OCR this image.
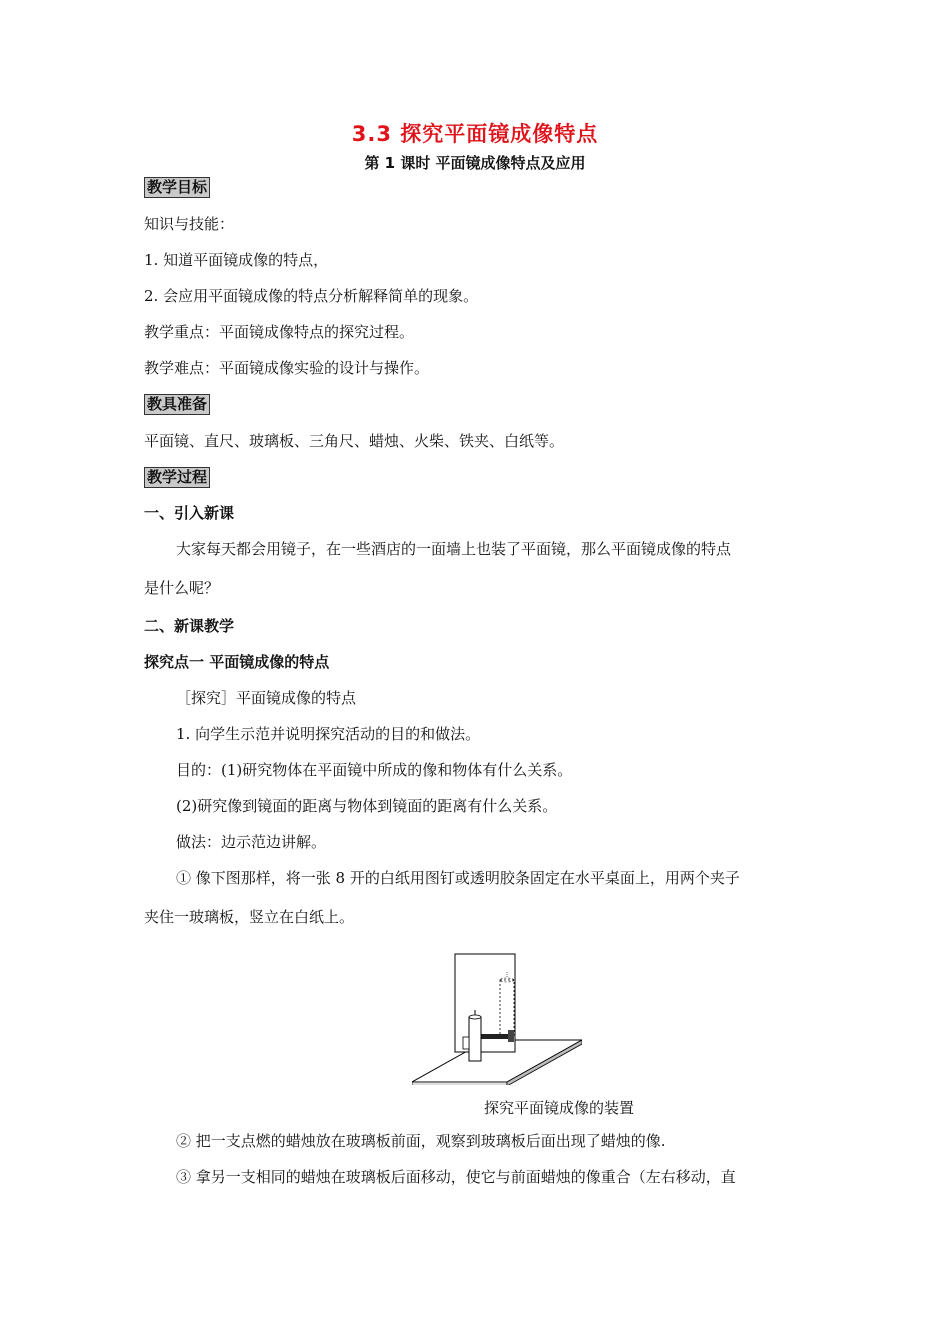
3.3 探究平面镜成像特点
第 1 课时 平面镜成像特点及应用
教学目标
知识与技能：
1. 知道平面镜成像的特点，
2. 会应用平面镜成像的特点分析解释简单的现象。
教学重点：平面镜成像特点的探究过程。
教学难点：平面镜成像实验的设计与操作。
教具准备
平面镜、直尺、玻璃板、三角尺、蜡烛、火柴、铁夹、白纸等。
教学过程
一、引入新课
大家每天都会用镜子，在一些酒店的一面墙上也装了平面镜，那么平面镜成像的特点
是什么呢？
二、新课教学
探究点一 平面镜成像的特点
［探究］平面镜成像的特点
1. 向学生示范并说明探究活动的目的和做法。
目的：(1)研究物体在平面镜中所成的像和物体有什么关系。
(2)研究像到镜面的距离与物体到镜面的距离有什么关系。
做法：边示范边讲解。
① 像下图那样，将一张 8 开的白纸用图钉或透明胶条固定在水平桌面上，用两个夹子
夹住一玻璃板，竖立在白纸上。
探究平面镜成像的装置
② 把一支点燃的蜡烛放在玻璃板前面，观察到玻璃板后面出现了蜡烛的像.
③ 拿另一支相同的蜡烛在玻璃板后面移动，使它与前面蜡烛的像重合（左右移动，直
